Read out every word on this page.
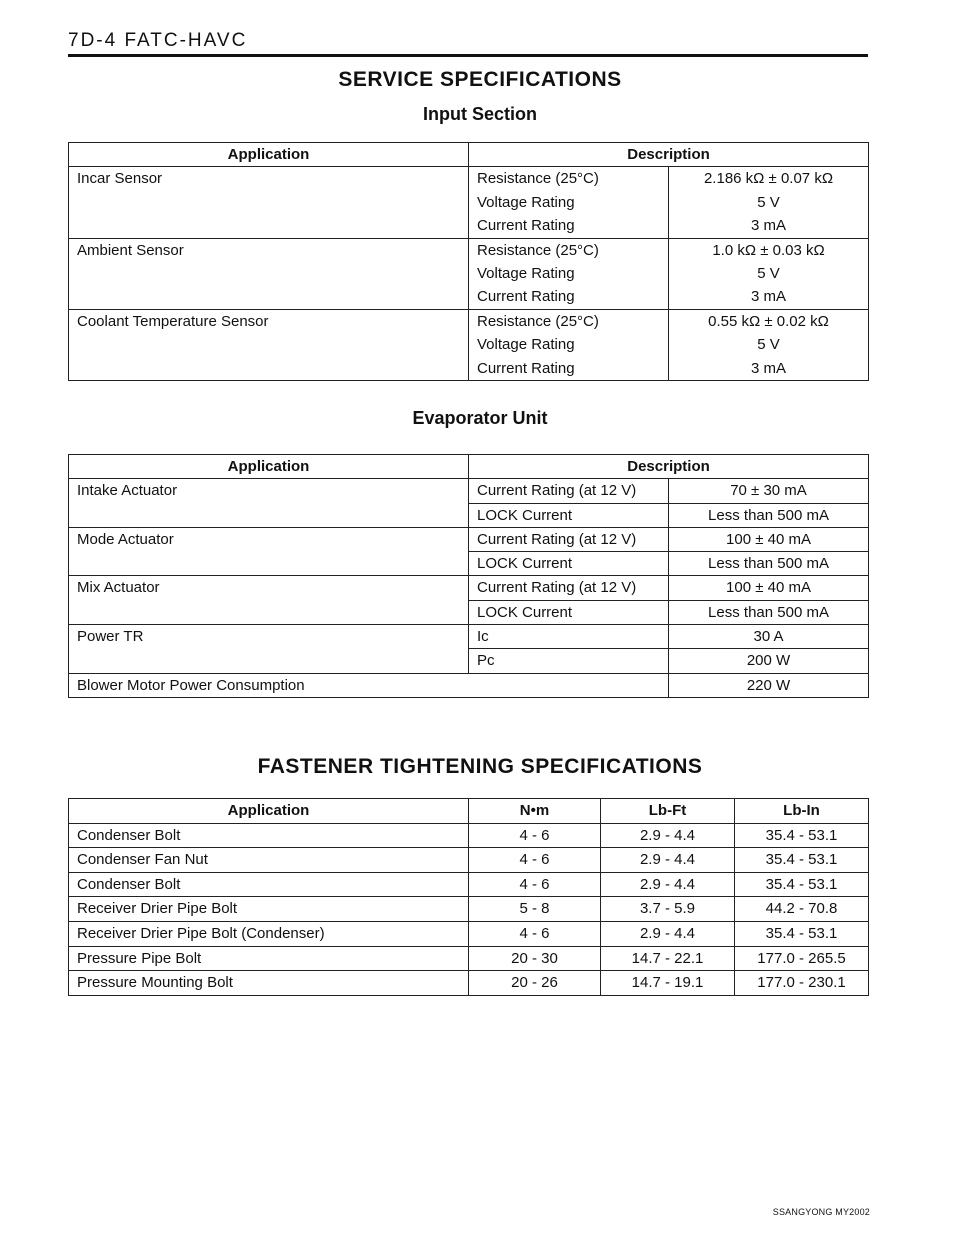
7D-4 FATC-HAVC
SERVICE SPECIFICATIONS
Input Section
Application	Description	
Incar Sensor	Resistance (25°C)	2.186 kΩ ± 0.07 kΩ
	Voltage Rating	5 V
	Current Rating	3 mA
Ambient Sensor	Resistance (25°C)	1.0 kΩ ± 0.03 kΩ
	Voltage Rating	5 V
	Current Rating	3 mA
Coolant Temperature Sensor	Resistance (25°C)	0.55 kΩ ± 0.02 kΩ
	Voltage Rating	5 V
	Current Rating	3 mA
Evaporator Unit
Application	Description	
Intake Actuator	Current Rating (at 12 V)	70 ± 30 mA
	LOCK Current	Less than 500 mA
Mode Actuator	Current Rating (at 12 V)	100 ± 40 mA
	LOCK Current	Less than 500 mA
Mix Actuator	Current Rating (at 12 V)	100 ± 40 mA
	LOCK Current	Less than 500 mA
Power TR	Ic	30 A
	Pc	200 W
Blower Motor Power Consumption		220 W
FASTENER TIGHTENING SPECIFICATIONS
Application	N•m	Lb-Ft	Lb-In
Condenser Bolt	4 - 6	2.9 - 4.4	35.4 - 53.1
Condenser Fan Nut	4 - 6	2.9 - 4.4	35.4 - 53.1
Condenser Bolt	4 - 6	2.9 - 4.4	35.4 - 53.1
Receiver Drier Pipe Bolt	5 - 8	3.7 - 5.9	44.2 - 70.8
Receiver Drier Pipe Bolt (Condenser)	4 - 6	2.9 - 4.4	35.4 - 53.1
Pressure Pipe Bolt	20 - 30	14.7 - 22.1	177.0 - 265.5
Pressure Mounting Bolt	20 - 26	14.7 - 19.1	177.0 - 230.1
SSANGYONG MY2002
